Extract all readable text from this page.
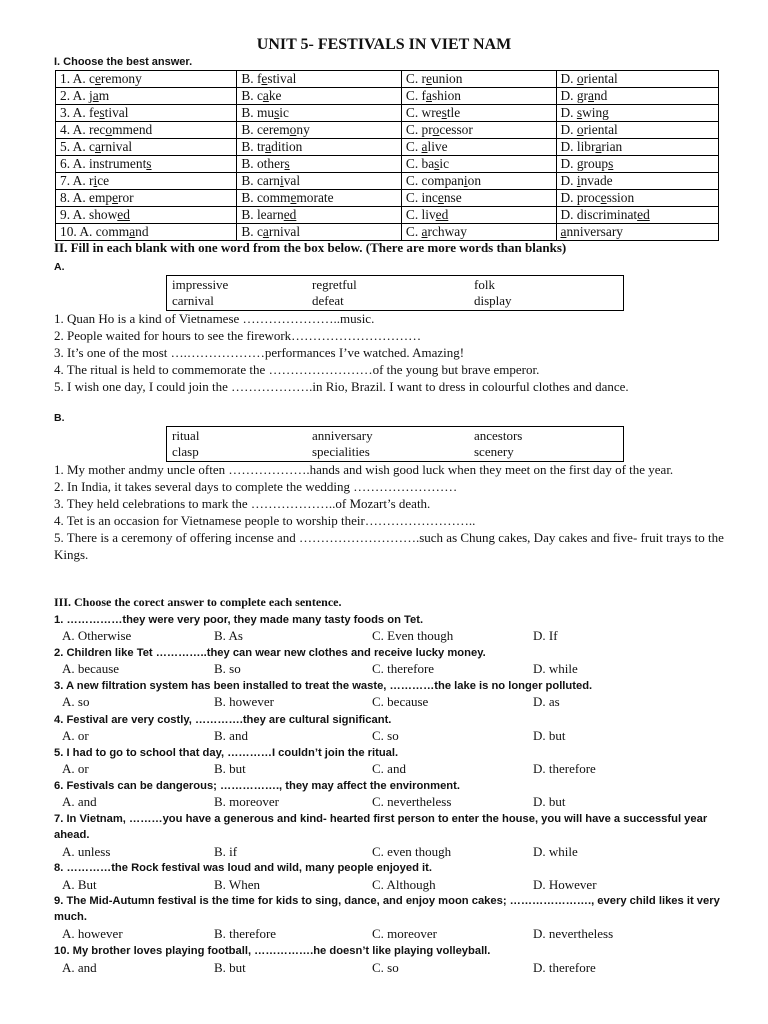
UNIT 5- FESTIVALS IN VIET NAM
I. Choose the best answer.
1. A. ceremony	B. festival	C. reunion	D. oriental
2. A. jam	B. cake	C. fashion	D. grand
3. A. festival	B. music	C. wrestle	D. swing
4. A. recommend	B. ceremony	C. processor	D. oriental
5. A. carnival	B. tradition	C. alive	D. librarian
6. A. instruments	B. others	C. basic	D. groups
7. A. rice	B. carnival	C. companion	D. invade
8. A. emperor	B. commemorate	C. incense	D. procession
9. A. showed	B. learned	C. lived	D. discriminated
10. A. command	B. carnival	C. archway	anniversary
II. Fill in each blank with one word from the box below. (There are more words than blanks)
A.
impressive	regretful	folk
carnival	defeat	display
1. Quan Ho is a kind of Vietnamese …………………..music.
2. People waited for hours to see the firework…………………………
3. It’s one of the most ….………………performances I’ve watched. Amazing!
4. The ritual is held to commemorate the ……………………of the young but brave emperor.
5. I wish one day, I could join the ……………….in Rio, Brazil. I want to dress in colourful clothes and dance.
B.
ritual	anniversary	ancestors
clasp	specialities	scenery
1. My mother andmy uncle often ……………….hands and wish good luck when they meet on the first day of the year.
2. In India, it takes several days to complete the wedding ……………………
3. They held celebrations to mark the ………………..of Mozart’s death.
4. Tet is an occasion for Vietnamese people to worship their……………………..
5. There is a ceremony of offering incense and ……………………….such as Chung cakes, Day cakes and five- fruit trays to the Kings.
III. Choose the corect answer to complete each sentence.
1. ……………they were very poor, they made many tasty foods on Tet.
A. Otherwise	B. As	C. Even though	D. If
2. Children like Tet …………..they can wear new clothes and receive lucky money.
A. because	B. so	C. therefore	D. while
3. A new filtration system has been installed to treat the waste, …………the lake is no longer polluted.
A. so	B. however	C. because	D. as
4. Festival are very costly, ………….they are cultural significant.
A. or	B. and	C. so	D. but
5. I had to go to school that day, …………I couldn’t join the ritual.
A. or	B. but	C. and	D. therefore
6. Festivals can be dangerous; ……………., they may affect the environment.
A. and	B. moreover	C. nevertheless	D. but
7. In Vietnam, ………you have a generous and kind- hearted first person to enter the house, you will have a successful year ahead.
A. unless	B. if	C. even though	D. while
8. …………the Rock festival was loud and wild, many people enjoyed it.
A. But	B. When	C. Although	D. However
9. The Mid-Autumn festival is the time for kids to sing, dance, and enjoy moon cakes; …………………., every child likes it very much.
A. however	B. therefore	C. moreover	D. nevertheless
10. My brother loves playing football, …………….he doesn’t like playing volleyball.
A. and	B. but	C. so	D. therefore
